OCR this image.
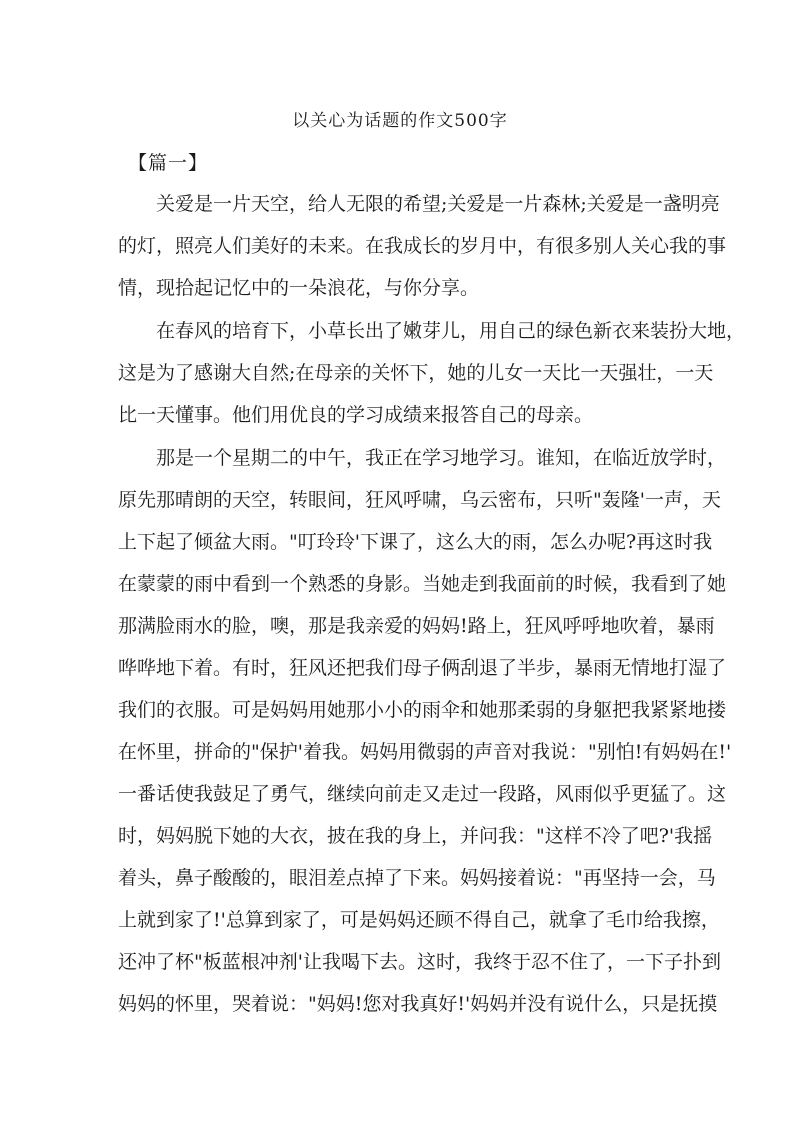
以关心为话题的作文500字
【篇一】
关爱是一片天空，给人无限的希望;关爱是一片森林;关爱是一盏明亮
的灯，照亮人们美好的未来。在我成长的岁月中，有很多别人关心我的事
情，现拾起记忆中的一朵浪花，与你分享。
在春风的培育下，小草长出了嫩芽儿，用自己的绿色新衣来装扮大地，
这是为了感谢大自然;在母亲的关怀下，她的儿女一天比一天强壮，一天
比一天懂事。他们用优良的学习成绩来报答自己的母亲。
那是一个星期二的中午，我正在学习地学习。谁知，在临近放学时，
原先那晴朗的天空，转眼间，狂风呼啸，乌云密布，只听"轰隆'一声，天
上下起了倾盆大雨。"叮玲玲'下课了，这么大的雨，怎么办呢?再这时我
在蒙蒙的雨中看到一个熟悉的身影。当她走到我面前的时候，我看到了她
那满脸雨水的脸，噢，那是我亲爱的妈妈!路上，狂风呼呼地吹着，暴雨
哗哗地下着。有时，狂风还把我们母子俩刮退了半步，暴雨无情地打湿了
我们的衣服。可是妈妈用她那小小的雨伞和她那柔弱的身躯把我紧紧地搂
在怀里，拼命的"保护'着我。妈妈用微弱的声音对我说："别怕!有妈妈在!'
一番话使我鼓足了勇气，继续向前走又走过一段路，风雨似乎更猛了。这
时，妈妈脱下她的大衣，披在我的身上，并问我："这样不冷了吧?'我摇
着头，鼻子酸酸的，眼泪差点掉了下来。妈妈接着说："再坚持一会，马
上就到家了!'总算到家了，可是妈妈还顾不得自己，就拿了毛巾给我擦，
还冲了杯"板蓝根冲剂'让我喝下去。这时，我终于忍不住了，一下子扑到
妈妈的怀里，哭着说："妈妈!您对我真好!'妈妈并没有说什么，只是抚摸
